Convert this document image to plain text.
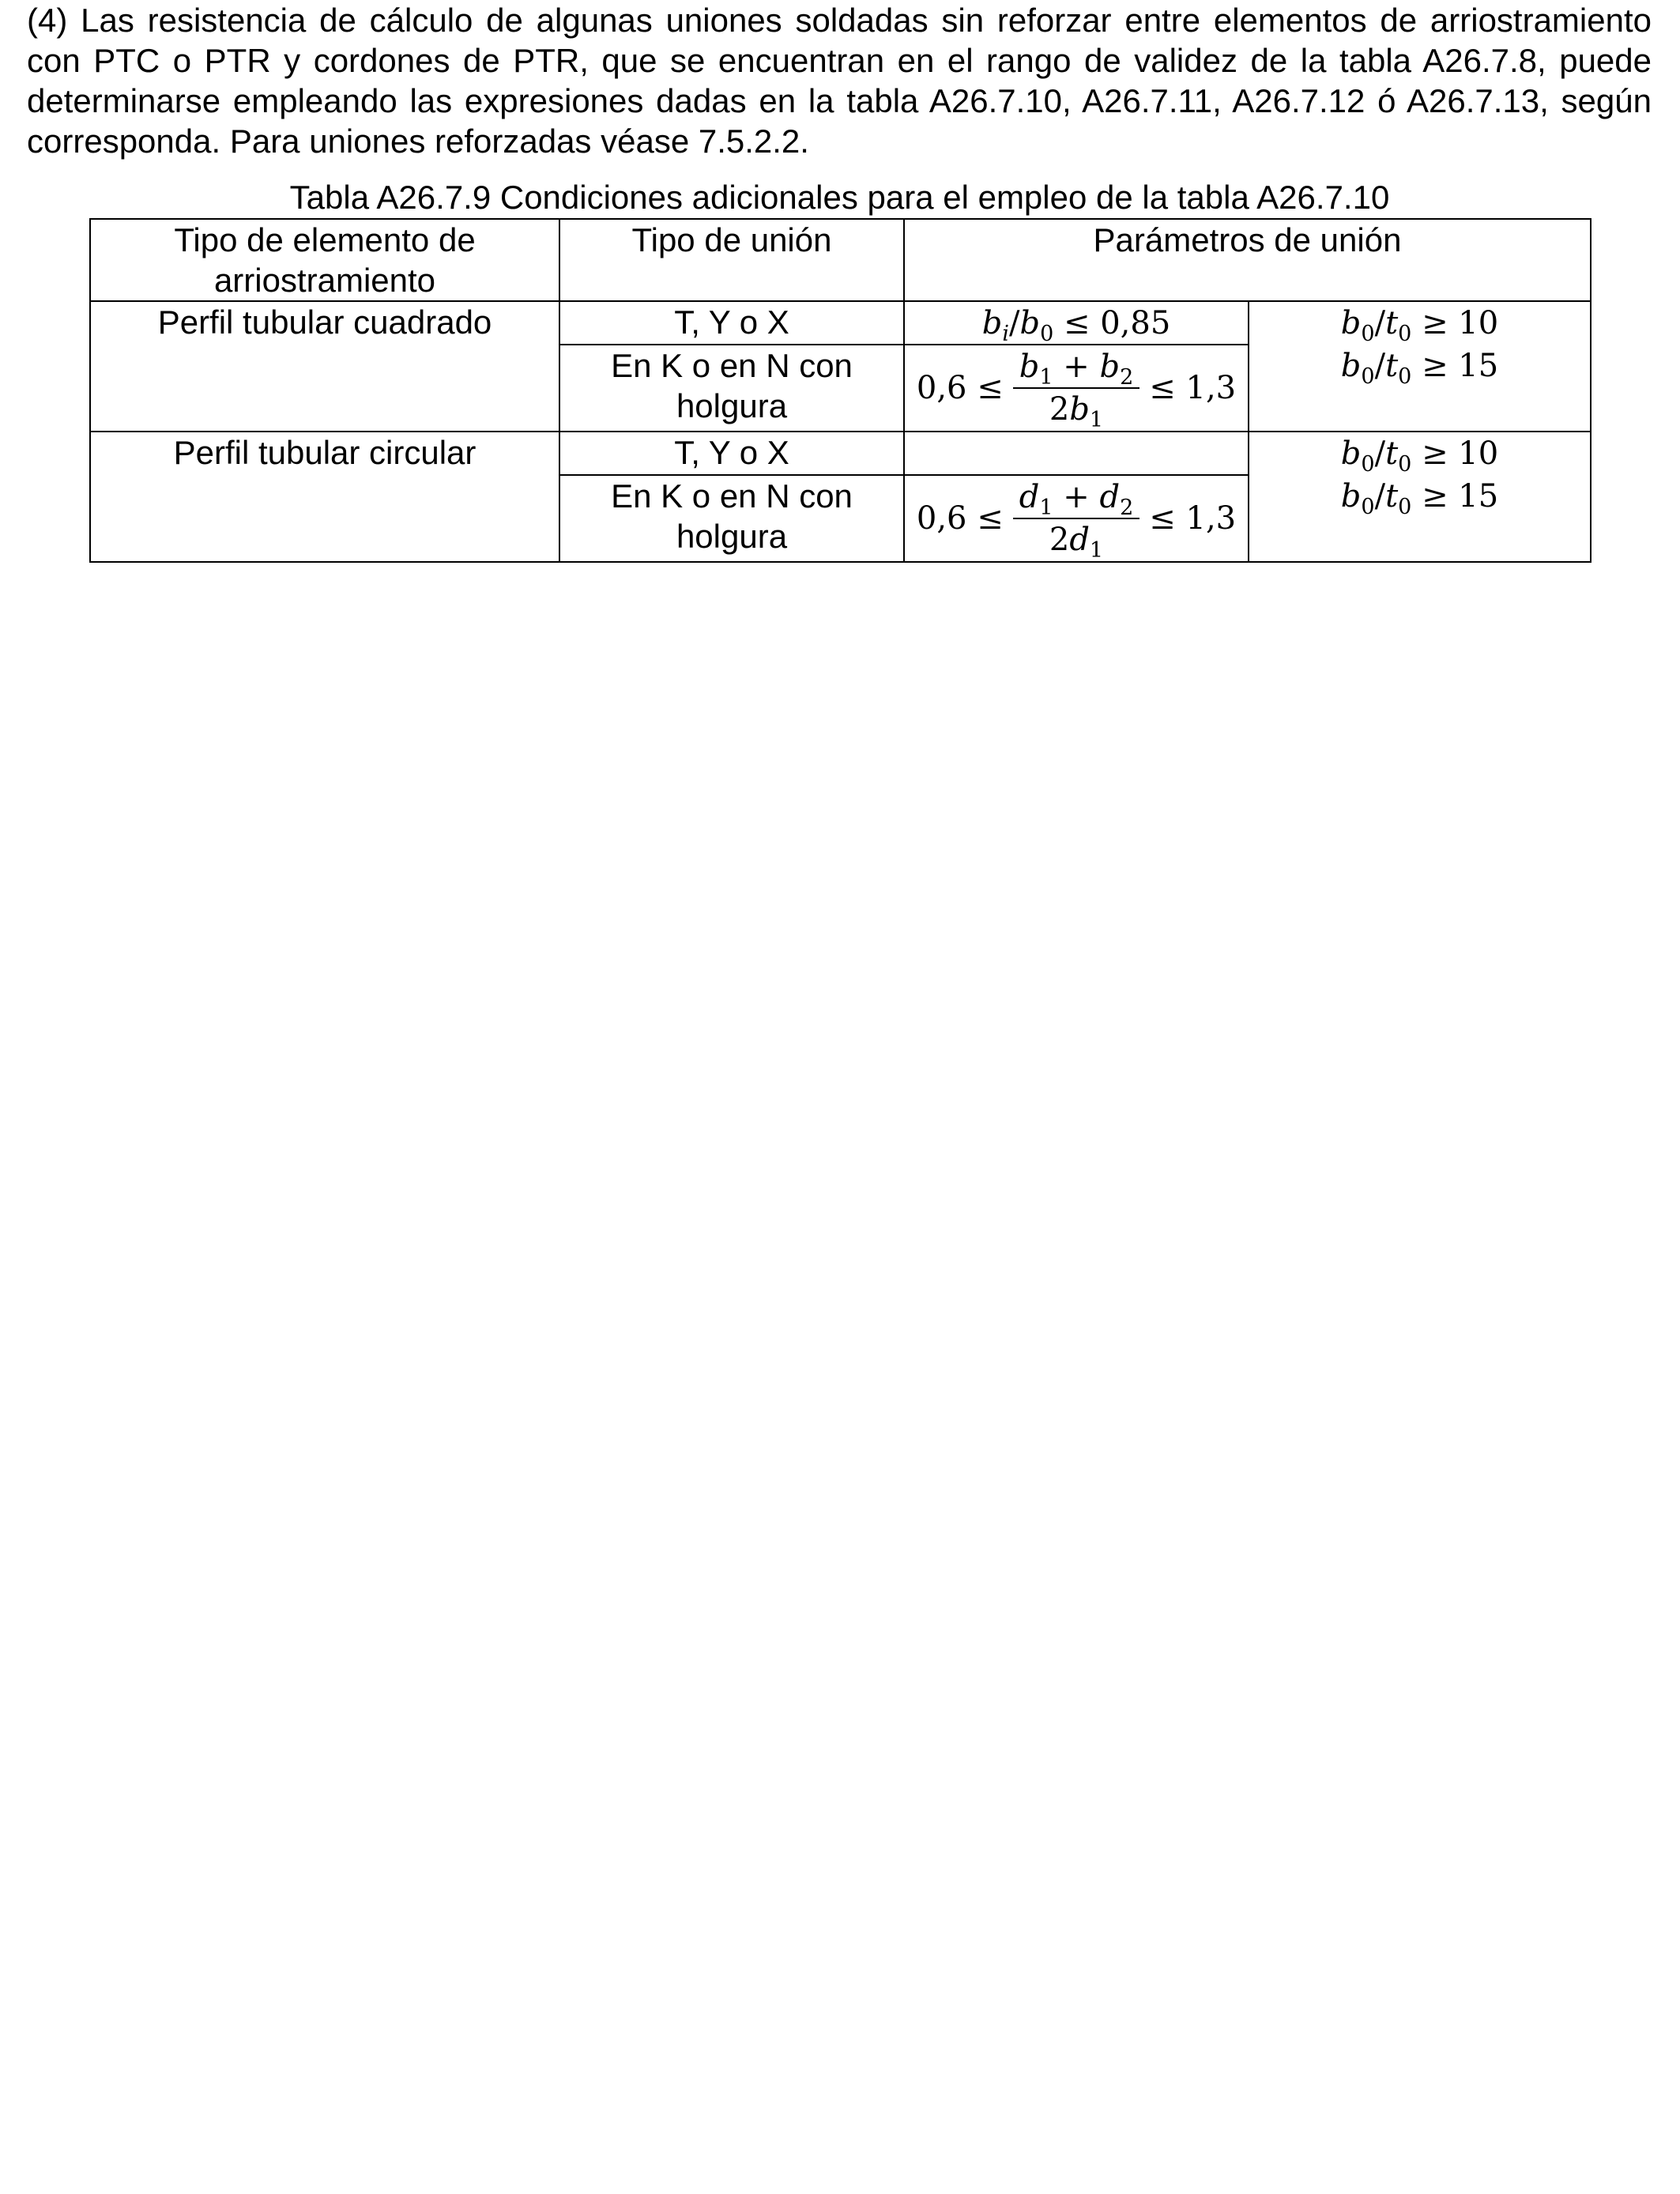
(4) Las resistencia de cálculo de algunas uniones soldadas sin reforzar entre elementos de arriostramiento con PTC o PTR y cordones de PTR, que se encuentran en el rango de validez de la tabla A26.7.8, puede determinarse empleando las expresiones dadas en la tabla A26.7.10, A26.7.11, A26.7.12 ó A26.7.13, según corresponda. Para uniones reforzadas véase 7.5.2.2.

Tabla A26.7.9 Condiciones adicionales para el empleo de la tabla A26.7.10

Tipo de elemento de arriostramiento	Tipo de unión	Parámetros de unión	
Perfil tubular cuadrado	T, Y o X	$b_i/b_0 \le 0,85$	$b_0/t_0 \ge 10$
	En K o en N con holgura	$0,6 \le \frac{b_1 + b_2}{2b_1} \le 1,3$	$b_0/t_0 \ge 15$
Perfil tubular circular	T, Y o X		$b_0/t_0 \ge 10$
	En K o en N con holgura	$0,6 \le \frac{d_1 + d_2}{2d_1} \le 1,3$	$b_0/t_0 \ge 15$
